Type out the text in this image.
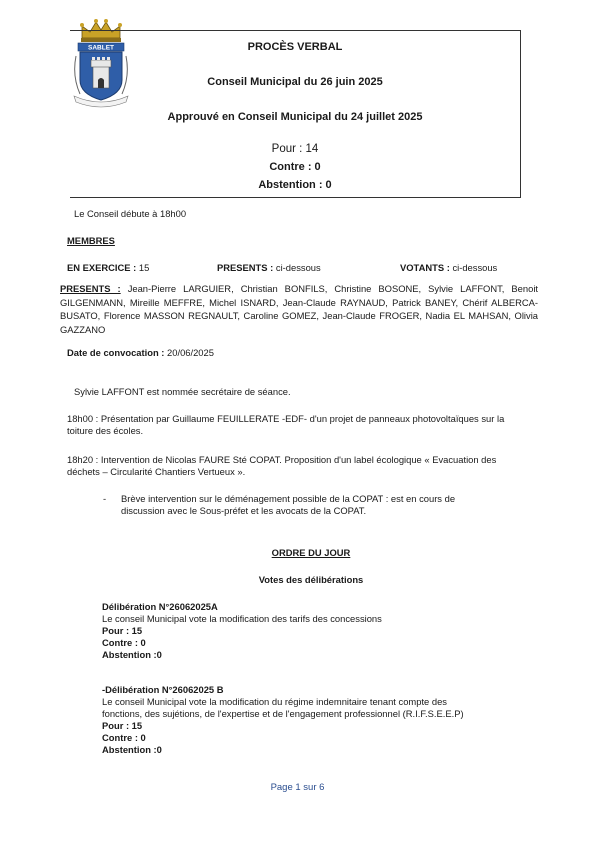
SABLET	PROCÈS VERBAL
Conseil Municipal du 26 juin 2025
Approuvé en Conseil Municipal du 24 juillet 2025
Pour : 14
Contre : 0
Abstention : 0
Le Conseil débute à 18h00
MEMBRES
EN EXERCICE : 15	PRESENTS : ci-dessous	VOTANTS : ci-dessous
PRESENTS : Jean-Pierre LARGUIER, Christian BONFILS, Christine BOSONE, Sylvie LAFFONT, Benoit GILGENMANN, Mireille MEFFRE, Michel ISNARD, Jean-Claude RAYNAUD, Patrick BANEY, Chérif ALBERCA-BUSATO, Florence MASSON REGNAULT, Caroline GOMEZ, Jean-Claude FROGER, Nadia EL MAHSAN, Olivia GAZZANO
Date de convocation : 20/06/2025
Sylvie LAFFONT est nommée secrétaire de séance.
18h00 : Présentation par Guillaume FEUILLERATE -EDF- d'un projet de panneaux photovoltaïques sur la toiture des écoles.
18h20 : Intervention de Nicolas FAURE Sté COPAT. Proposition d'un label écologique « Evacuation des déchets – Circularité Chantiers Vertueux ».
- Brève intervention sur le déménagement possible de la COPAT : est en cours de discussion avec le Sous-préfet et les avocats de la COPAT.
ORDRE DU JOUR
Votes des délibérations
Délibération N°26062025A
Le conseil Municipal vote la modification des tarifs des concessions
Pour : 15
Contre : 0
Abstention :0
-Délibération N°26062025 B
Le conseil Municipal vote la modification du régime indemnitaire tenant compte des fonctions, des sujétions, de l'expertise et de l'engagement professionnel (R.I.F.S.E.E.P)
Pour : 15
Contre : 0
Abstention :0
Page 1 sur 6
